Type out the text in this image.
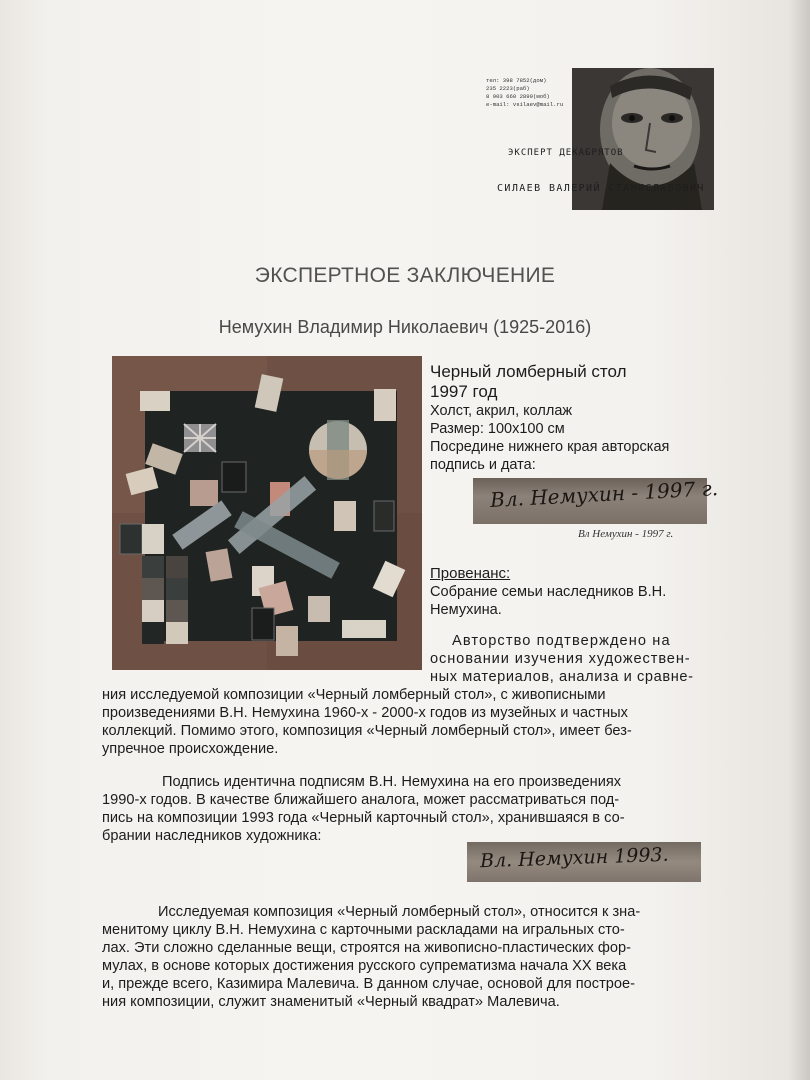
тел: 398 7852(дом)
235 2223(раб)
8 903 660 2899(моб)
e-mail: vsilaev@mail.ru
ЭКСПЕРТ ДЕКАБРЯТОВ
СИЛАЕВ ВАЛЕРИЙ СТАНИСЛАВОВИЧ
ЭКСПЕРТНОЕ ЗАКЛЮЧЕНИЕ
Немухин Владимир Николаевич (1925-2016)
Черный ломберный стол
1997 год
Холст, акрил, коллаж
Размер: 100х100 см
Посредине нижнего края авторская
подпись и дата:
Вл. Немухин - 1997 г.
Вл Немухин - 1997 г.
Провенанс:
Собрание семьи наследников В.Н.
Немухина.
Авторство подтверждено на
основании изучения художествен-
ных материалов, анализа и сравне-
ния исследуемой композиции «Черный ломберный стол», с живописными
произведениями В.Н. Немухина 1960-х - 2000-х годов из музейных и частных
коллекций. Помимо этого, композиция «Черный ломберный стол», имеет без-
упречное происхождение.
Подпись идентична подписям В.Н. Немухина на его произведениях
1990-х годов. В качестве ближайшего аналога, может рассматриваться под-
пись на композиции 1993 года «Черный карточный стол», хранившаяся в со-
брании наследников художника:
Вл. Немухин 1993.
Исследуемая композиция «Черный ломберный стол», относится к зна-
менитому циклу В.Н. Немухина с карточными раскладами на игральных сто-
лах. Эти сложно сделанные вещи, строятся на живописно-пластических фор-
мулах, в основе которых достижения русского супрематизма начала XX века
и, прежде всего, Казимира Малевича. В данном случае, основой для построе-
ния композиции, служит знаменитый «Черный квадрат» Малевича.
